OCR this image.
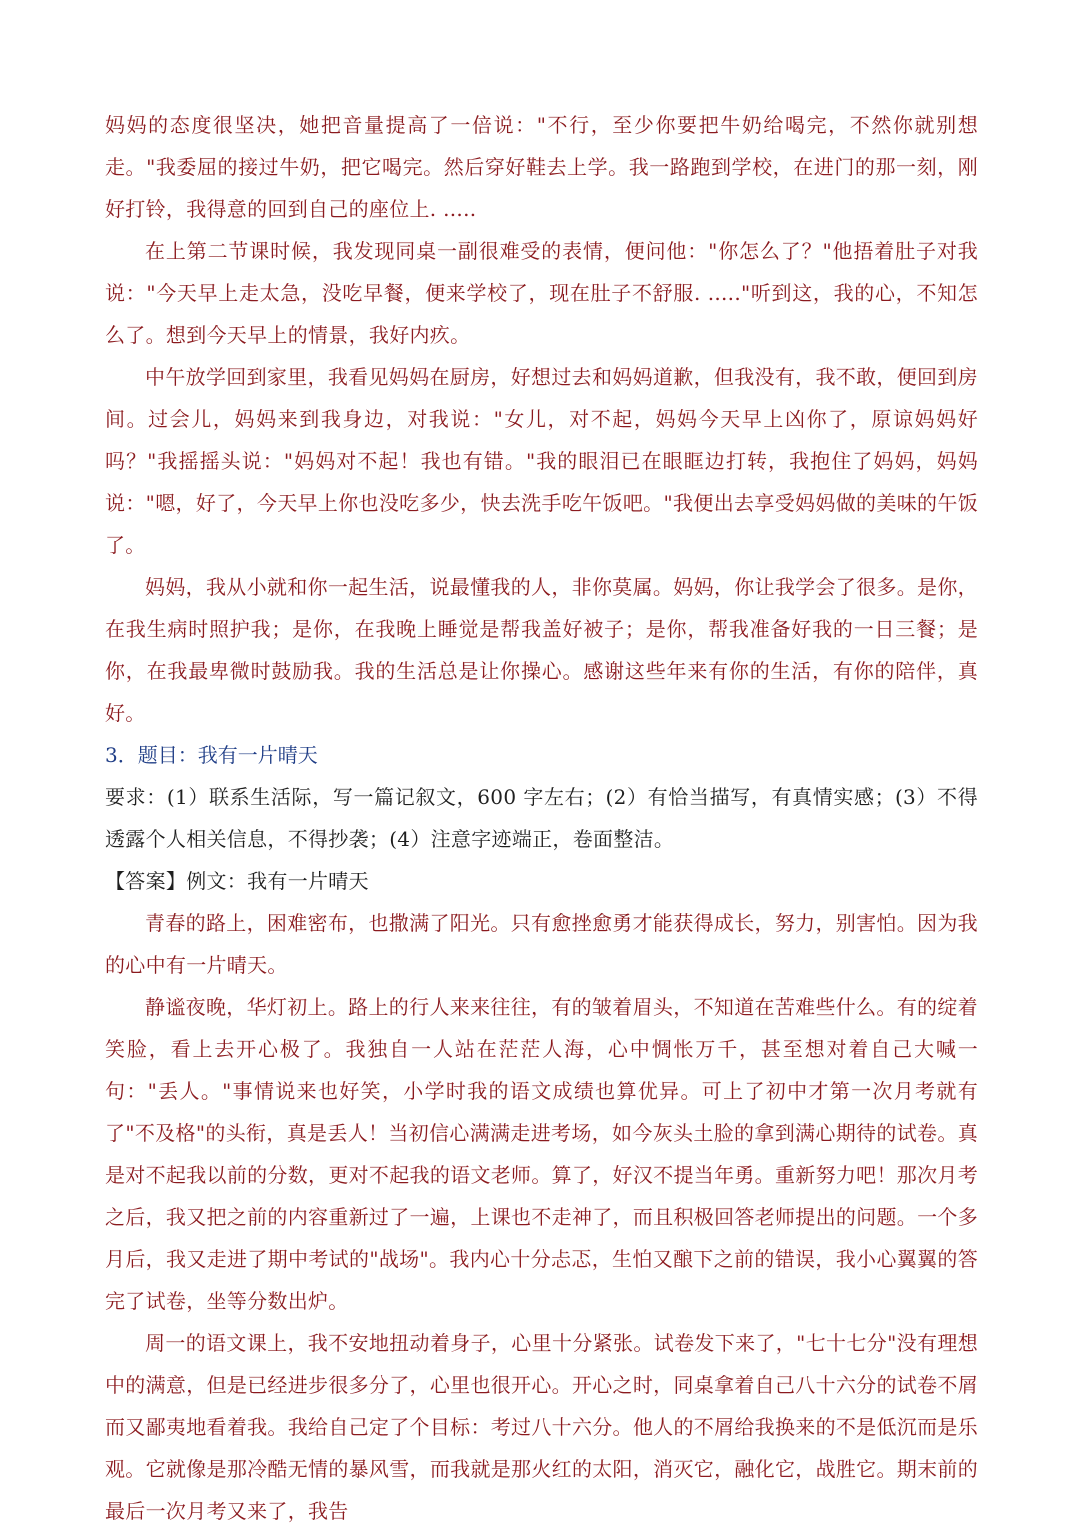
妈妈的态度很坚决，她把音量提高了一倍说："不行，至少你要把牛奶给喝完，不然你就别想走。"我委屈的接过牛奶，把它喝完。然后穿好鞋去上学。我一路跑到学校，在进门的那一刻，刚好打铃，我得意的回到自己的座位上. .....

在上第二节课时候，我发现同桌一副很难受的表情，便问他："你怎么了？"他捂着肚子对我说："今天早上走太急，没吃早餐，便来学校了，现在肚子不舒服. ....."听到这，我的心，不知怎么了。想到今天早上的情景，我好内疚。

中午放学回到家里，我看见妈妈在厨房，好想过去和妈妈道歉，但我没有，我不敢，便回到房间。过会儿，妈妈来到我身边，对我说："女儿，对不起，妈妈今天早上凶你了，原谅妈妈好吗？"我摇摇头说："妈妈对不起！我也有错。"我的眼泪已在眼眶边打转，我抱住了妈妈，妈妈说："嗯，好了，今天早上你也没吃多少，快去洗手吃午饭吧。"我便出去享受妈妈做的美味的午饭了。

妈妈，我从小就和你一起生活，说最懂我的人，非你莫属。妈妈，你让我学会了很多。是你，在我生病时照护我；是你，在我晚上睡觉是帮我盖好被子；是你，帮我准备好我的一日三餐；是你，在我最卑微时鼓励我。我的生活总是让你操心。感谢这些年来有你的生活，有你的陪伴，真好。

3．题目：我有一片晴天

要求：(1）联系生活际，写一篇记叙文，600 字左右；(2）有恰当描写，有真情实感；(3）不得透露个人相关信息，不得抄袭；(4）注意字迹端正，卷面整洁。

【答案】例文：我有一片晴天

青春的路上，困难密布，也撒满了阳光。只有愈挫愈勇才能获得成长，努力，别害怕。因为我的心中有一片晴天。

静谧夜晚，华灯初上。路上的行人来来往往，有的皱着眉头，不知道在苦难些什么。有的绽着笑脸，看上去开心极了。我独自一人站在茫茫人海，心中惆怅万千，甚至想对着自己大喊一句："丢人。"事情说来也好笑，小学时我的语文成绩也算优异。可上了初中才第一次月考就有了"不及格"的头衔，真是丢人！当初信心满满走进考场，如今灰头土脸的拿到满心期待的试卷。真是对不起我以前的分数，更对不起我的语文老师。算了，好汉不提当年勇。重新努力吧！那次月考之后，我又把之前的内容重新过了一遍，上课也不走神了，而且积极回答老师提出的问题。一个多月后，我又走进了期中考试的"战场"。我内心十分忐忑，生怕又酿下之前的错误，我小心翼翼的答完了试卷，坐等分数出炉。

周一的语文课上，我不安地扭动着身子，心里十分紧张。试卷发下来了，"七十七分"没有理想中的满意，但是已经进步很多分了，心里也很开心。开心之时，同桌拿着自己八十六分的试卷不屑而又鄙夷地看着我。我给自己定了个目标：考过八十六分。他人的不屑给我换来的不是低沉而是乐观。它就像是那冷酷无情的暴风雪，而我就是那火红的太阳，消灭它，融化它，战胜它。期末前的最后一次月考又来了，我告
